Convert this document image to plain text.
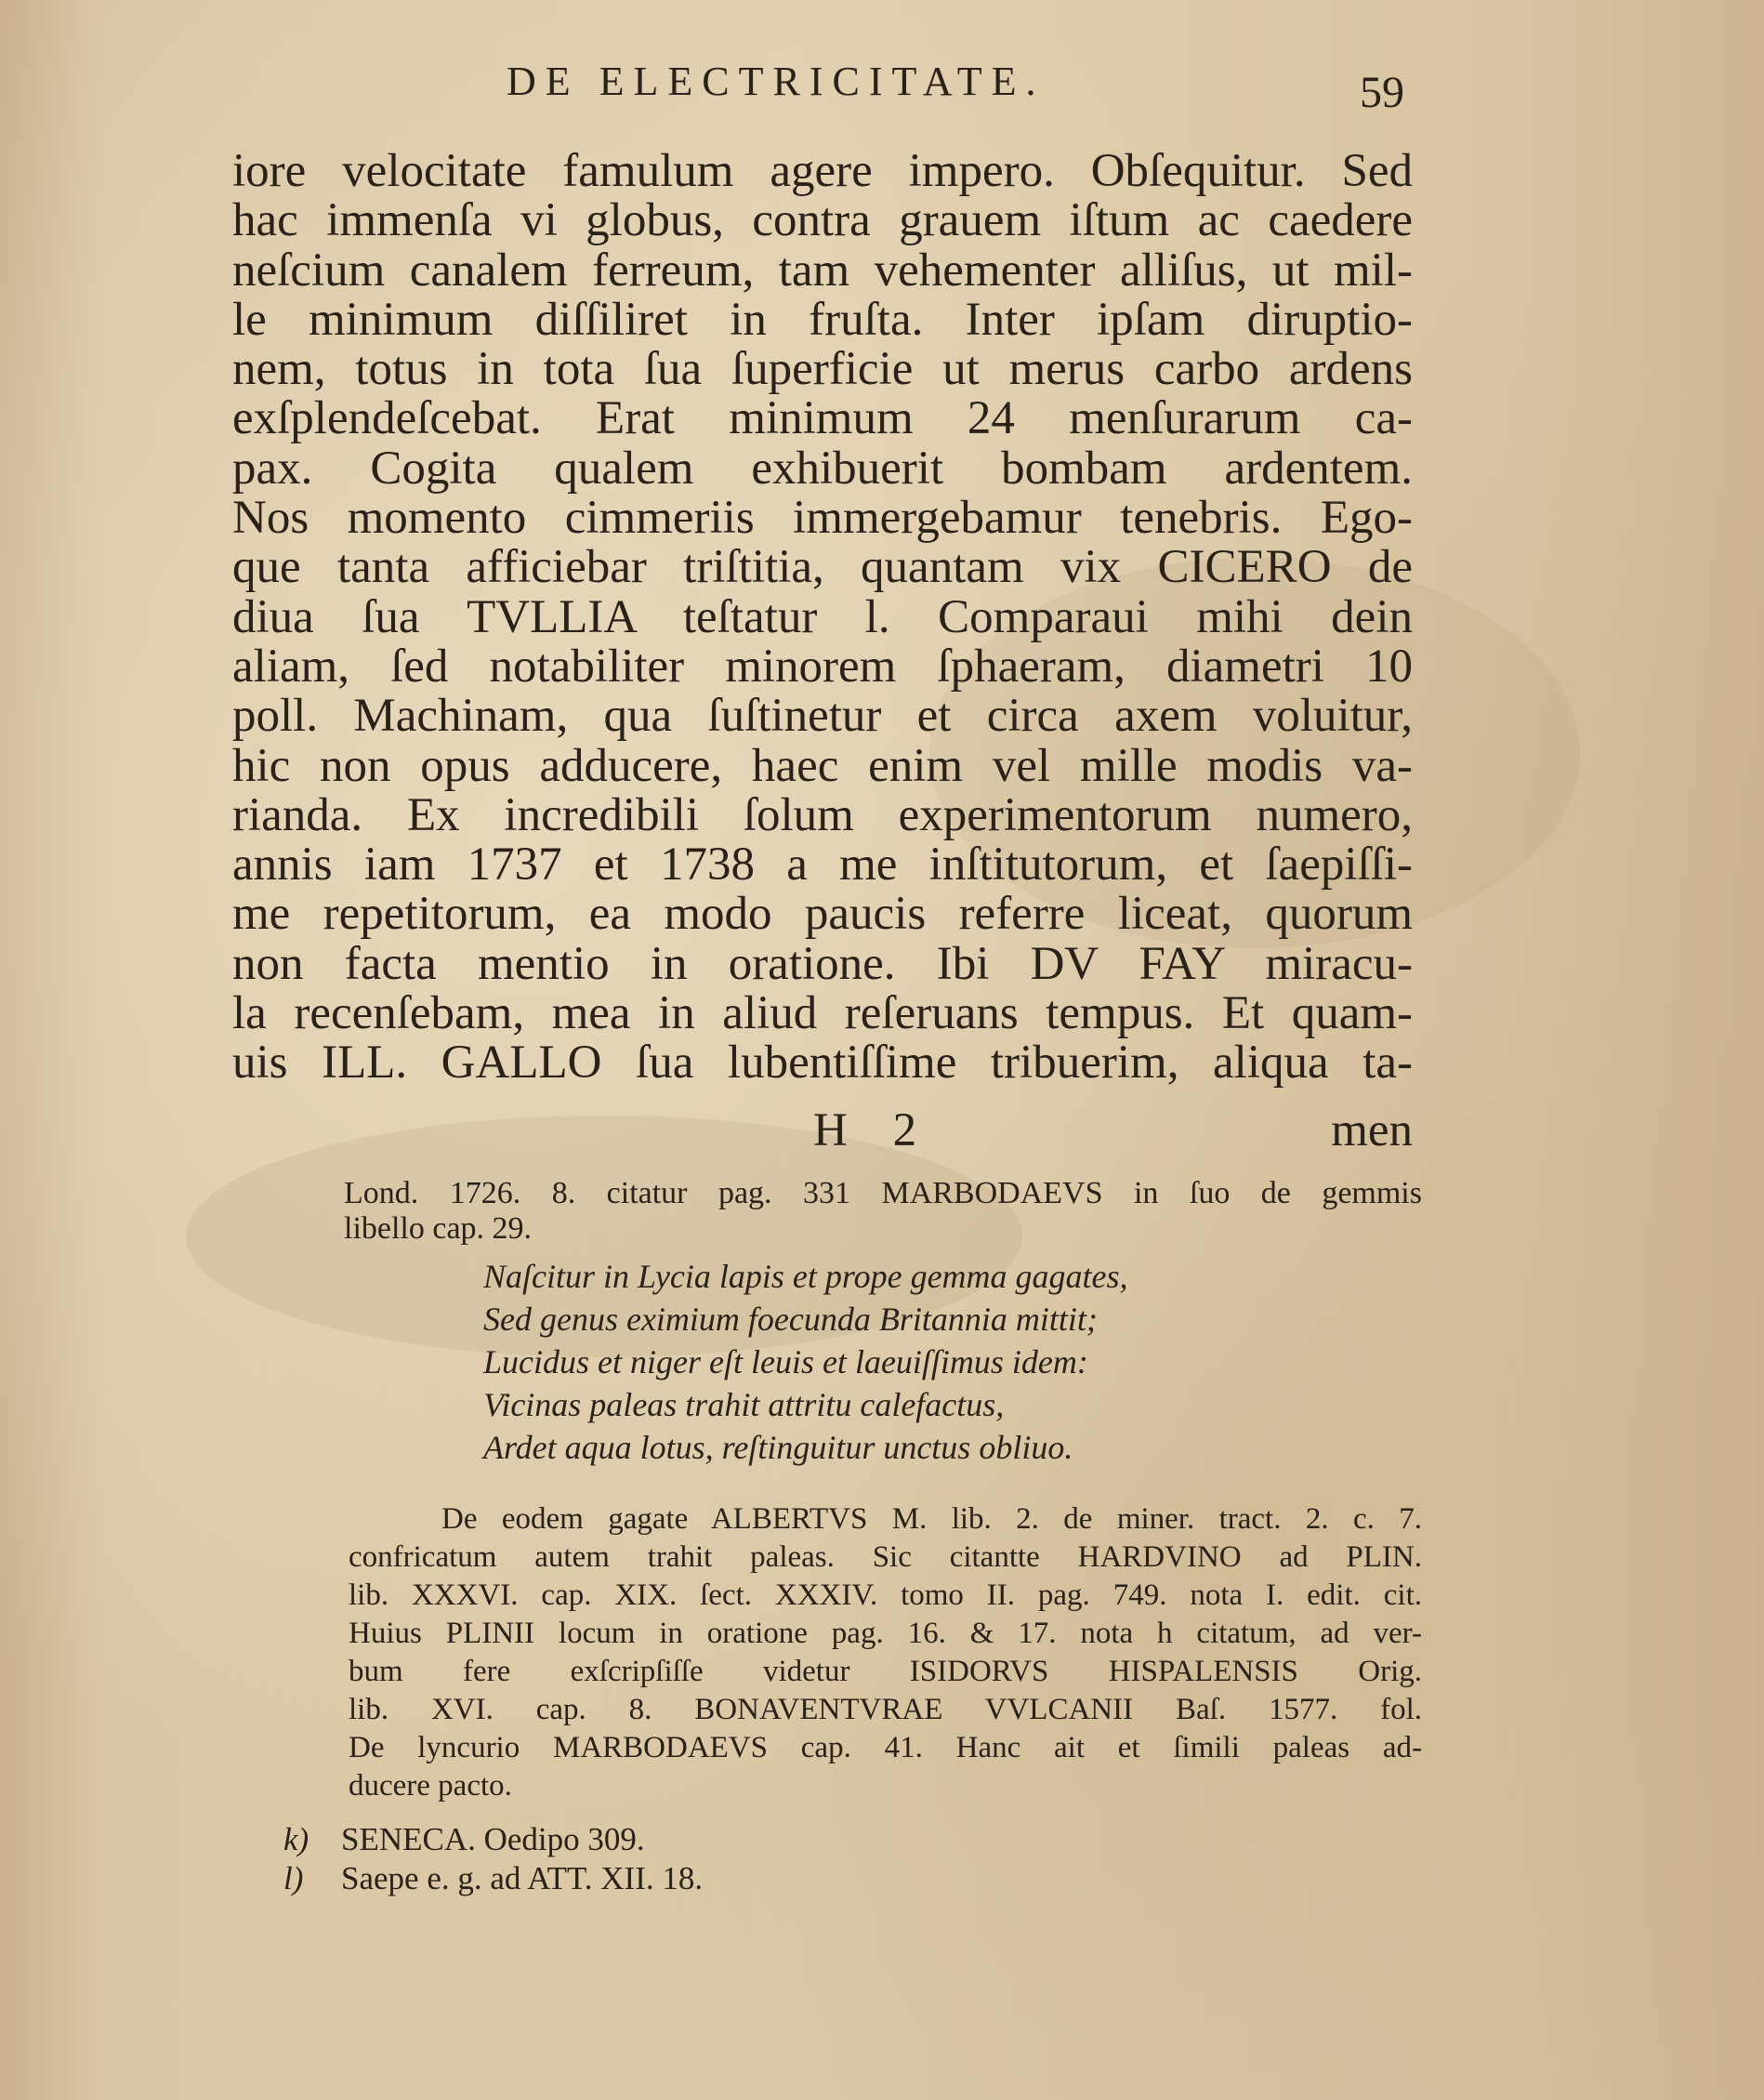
DE ELECTRICITATE.	59
iore velocitate famulum agere impero. Obſequitur. Sed
hac immenſa vi globus, contra grauem iſtum ac caedere
neſcium canalem ferreum, tam vehementer alliſus, ut mil-
le minimum diſſiliret in fruſta. Inter ipſam diruptio-
nem, totus in tota ſua ſuperficie ut merus carbo ardens
exſplendeſcebat. Erat minimum 24 menſurarum ca-
pax. Cogita qualem exhibuerit bombam ardentem.
Nos momento cimmeriis immergebamur tenebris. Ego-
que tanta afficiebar triſtitia, quantam vix CICERO de
diua ſua TVLLIA teſtatur l. Comparaui mihi dein
aliam, ſed notabiliter minorem ſphaeram, diametri 10
poll. Machinam, qua ſuſtinetur et circa axem voluitur,
hic non opus adducere, haec enim vel mille modis va-
rianda. Ex incredibili ſolum experimentorum numero,
annis iam 1737 et 1738 a me inſtitutorum, et ſaepiſſi-
me repetitorum, ea modo paucis referre liceat, quorum
non facta mentio in oratione. Ibi DV FAY miracu-
la recenſebam, mea in aliud reſeruans tempus. Et quam-
uis ILL. GALLO ſua lubentiſſime tribuerim, aliqua ta-
H 2	men
Lond. 1726. 8. citatur pag. 331 MARBODAEVS in ſuo de gemmis
libello cap. 29.
Naſcitur in Lycia lapis et prope gemma gagates,
Sed genus eximium foecunda Britannia mittit;
Lucidus et niger eſt leuis et laeuiſſimus idem:
Vicinas paleas trahit attritu calefactus,
Ardet aqua lotus, reſtinguitur unctus obliuo.
De eodem gagate ALBERTVS M. lib. 2. de miner. tract. 2. c. 7.
confricatum autem trahit paleas. Sic citantte HARDVINO ad PLIN.
lib. XXXVI. cap. XIX. ſect. XXXIV. tomo II. pag. 749. nota I. edit. cit.
Huius PLINII locum in oratione pag. 16. & 17. nota h citatum, ad ver-
bum fere exſcripſiſſe videtur ISIDORVS HISPALENSIS Orig.
lib. XVI. cap. 8. BONAVENTVRAE VVLCANII Baſ. 1577. fol.
De lyncurio MARBODAEVS cap. 41. Hanc ait et ſimili paleas ad-
ducere pacto.
k) SENECA. Oedipo 309.
l) Saepe e. g. ad ATT. XII. 18.
